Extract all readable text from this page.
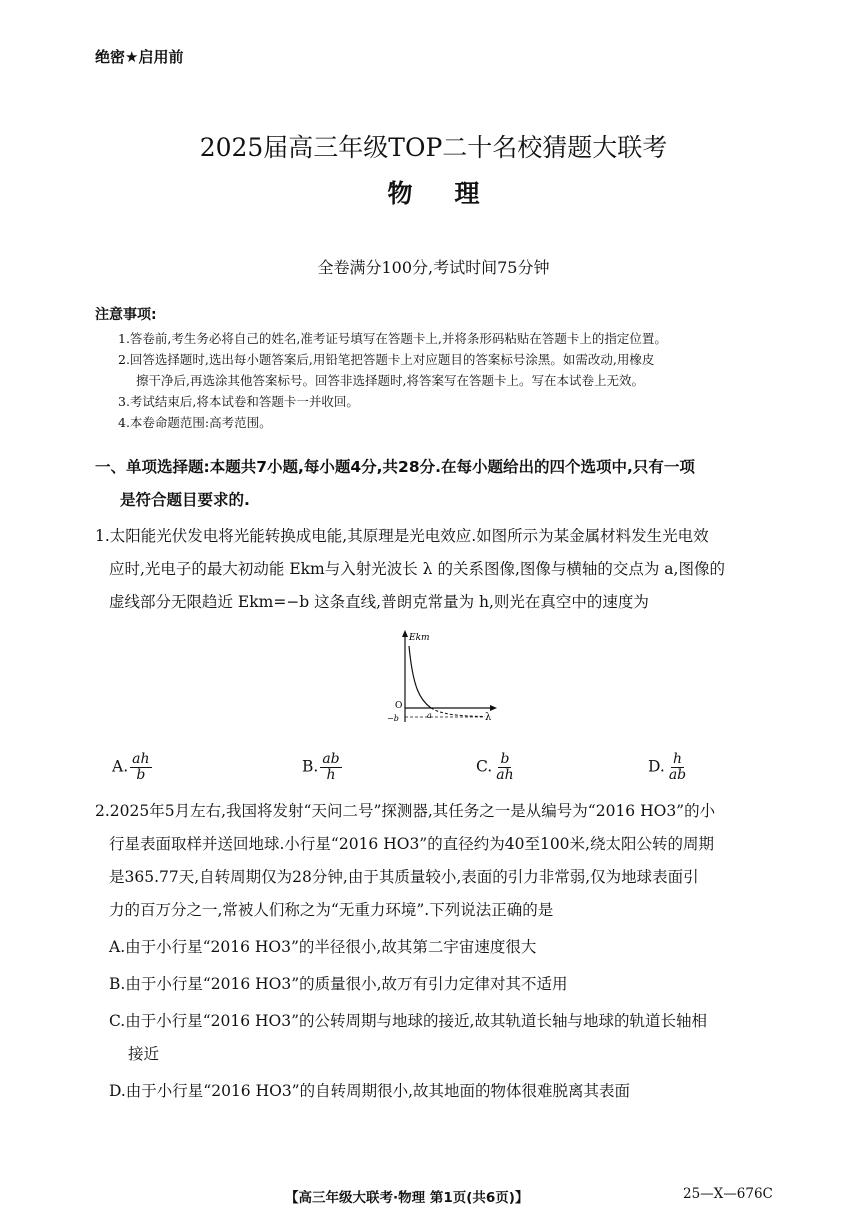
绝密★启用前
2025届高三年级TOP二十名校猜题大联考
物理
全卷满分100分,考试时间75分钟
注意事项:
1.答卷前,考生务必将自己的姓名,准考证号填写在答题卡上,并将条形码粘贴在答题卡上的指定位置。
2.回答选择题时,选出每小题答案后,用铅笔把答题卡上对应题目的答案标号涂黑。如需改动,用橡皮
擦干净后,再选涂其他答案标号。回答非选择题时,将答案写在答题卡上。写在本试卷上无效。
3.考试结束后,将本试卷和答题卡一并收回。
4.本卷命题范围:高考范围。
一、单项选择题:本题共7小题,每小题4分,共28分.在每小题给出的四个选项中,只有一项
是符合题目要求的.
1.太阳能光伏发电将光能转换成电能,其原理是光电效应.如图所示为某金属材料发生光电效
应时,光电子的最大初动能 Ekm与入射光波长 λ 的关系图像,图像与横轴的交点为 a,图像的
虚线部分无限趋近 Ekm=−b 这条直线,普朗克常量为 h,则光在真空中的速度为
Ekm
O
−b	a	λ
A. $\frac{ah}{b}$	B. $\frac{ab}{h}$	C. $\frac{b}{ah}$	D. $\frac{h}{ab}$
2.2025年5月左右,我国将发射“天问二号”探测器,其任务之一是从编号为“2016 HO3”的小
行星表面取样并送回地球.小行星“2016 HO3”的直径约为40至100米,绕太阳公转的周期
是365.77天,自转周期仅为28分钟,由于其质量较小,表面的引力非常弱,仅为地球表面引
力的百万分之一,常被人们称之为“无重力环境”.下列说法正确的是
A.由于小行星“2016 HO3”的半径很小,故其第二宇宙速度很大
B.由于小行星“2016 HO3”的质量很小,故万有引力定律对其不适用
C.由于小行星“2016 HO3”的公转周期与地球的接近,故其轨道长轴与地球的轨道长轴相
接近
D.由于小行星“2016 HO3”的自转周期很小,故其地面的物体很难脱离其表面
【高三年级大联考·物理 第1页(共6页)】	25—X—676C
